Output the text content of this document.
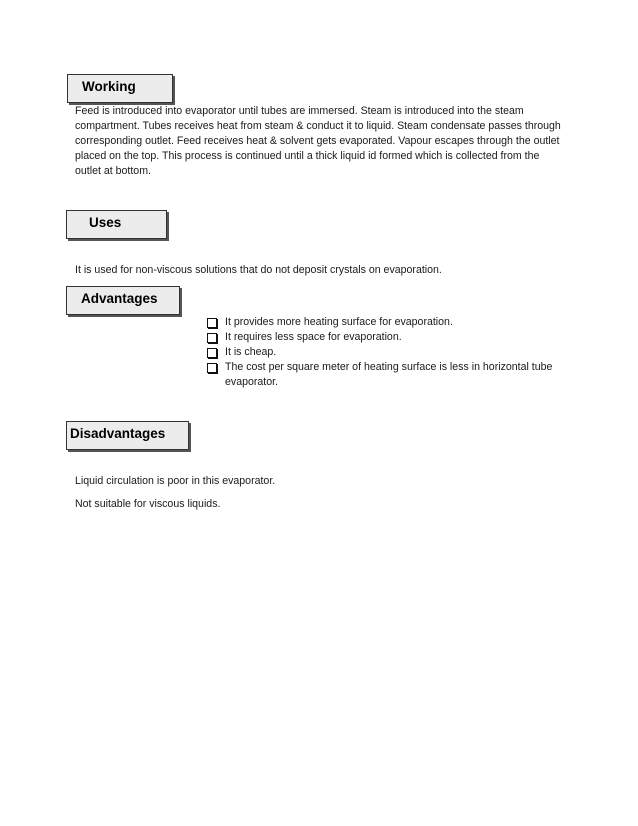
Working

Feed is introduced into evaporator until tubes are immersed. Steam is introduced into the steam compartment. Tubes receives heat from steam & conduct it to liquid. Steam condensate passes through corresponding outlet. Feed receives heat & solvent gets evaporated. Vapour escapes through the outlet placed on the top. This process is continued until a thick liquid id formed which is collected from the outlet at bottom.

Uses

It is used for non-viscous solutions that do not deposit crystals on evaporation.

Advantages
It provides more heating surface for evaporation.
It requires less space for evaporation.
It is cheap.
The cost per square meter of heating surface is less in horizontal tube evaporator.
Disadvantages

Liquid circulation is poor in this evaporator.

Not suitable for viscous liquids.
